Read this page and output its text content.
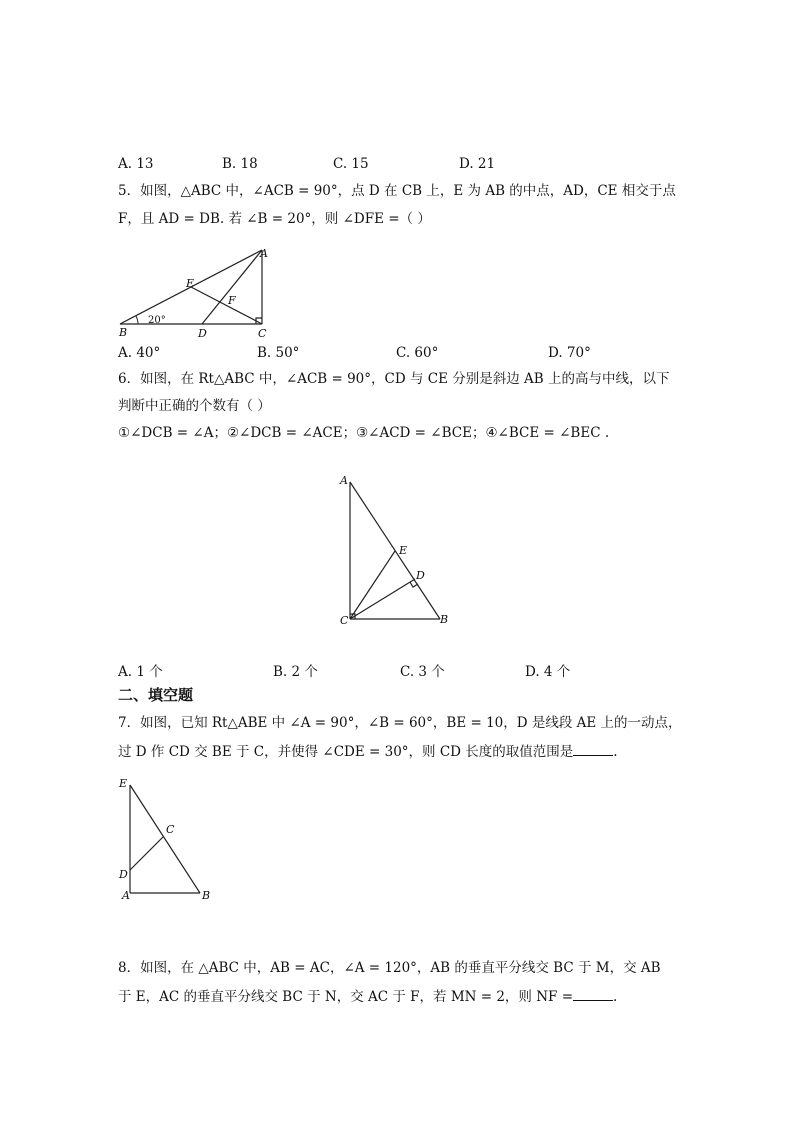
A. 13	B. 18	C. 15	D. 21
5．如图，△ABC 中，∠ACB = 90°，点 D 在 CB 上，E 为 AB 的中点，AD，CE 相交于点
F，且 AD = DB. 若 ∠B = 20°，则 ∠DFE =（ ）
A
B	C
D
E
F
20°
A. 40°	B. 50°	C. 60°	D. 70°
6．如图，在 Rt△ABC 中，∠ACB = 90°，CD 与 CE 分别是斜边 AB 上的高与中线，以下
判断中正确的个数有（ ）
①∠DCB = ∠A；②∠DCB = ∠ACE；③∠ACD = ∠BCE；④∠BCE = ∠BEC .
A
C	B
E
D
A. 1 个	B. 2 个	C. 3 个	D. 4 个
二、填空题
7．如图，已知 Rt△ABE 中 ∠A = 90°，∠B = 60°，BE = 10，D 是线段 AE 上的一动点，
过 D 作 CD 交 BE 于 C，并使得 ∠CDE = 30°，则 CD 长度的取值范围是	.
E
A	B
D
C
8．如图，在 △ABC 中，AB = AC，∠A = 120°，AB 的垂直平分线交 BC 于 M，交 AB
于 E，AC 的垂直平分线交 BC 于 N，交 AC 于 F，若 MN = 2，则 NF =	.
